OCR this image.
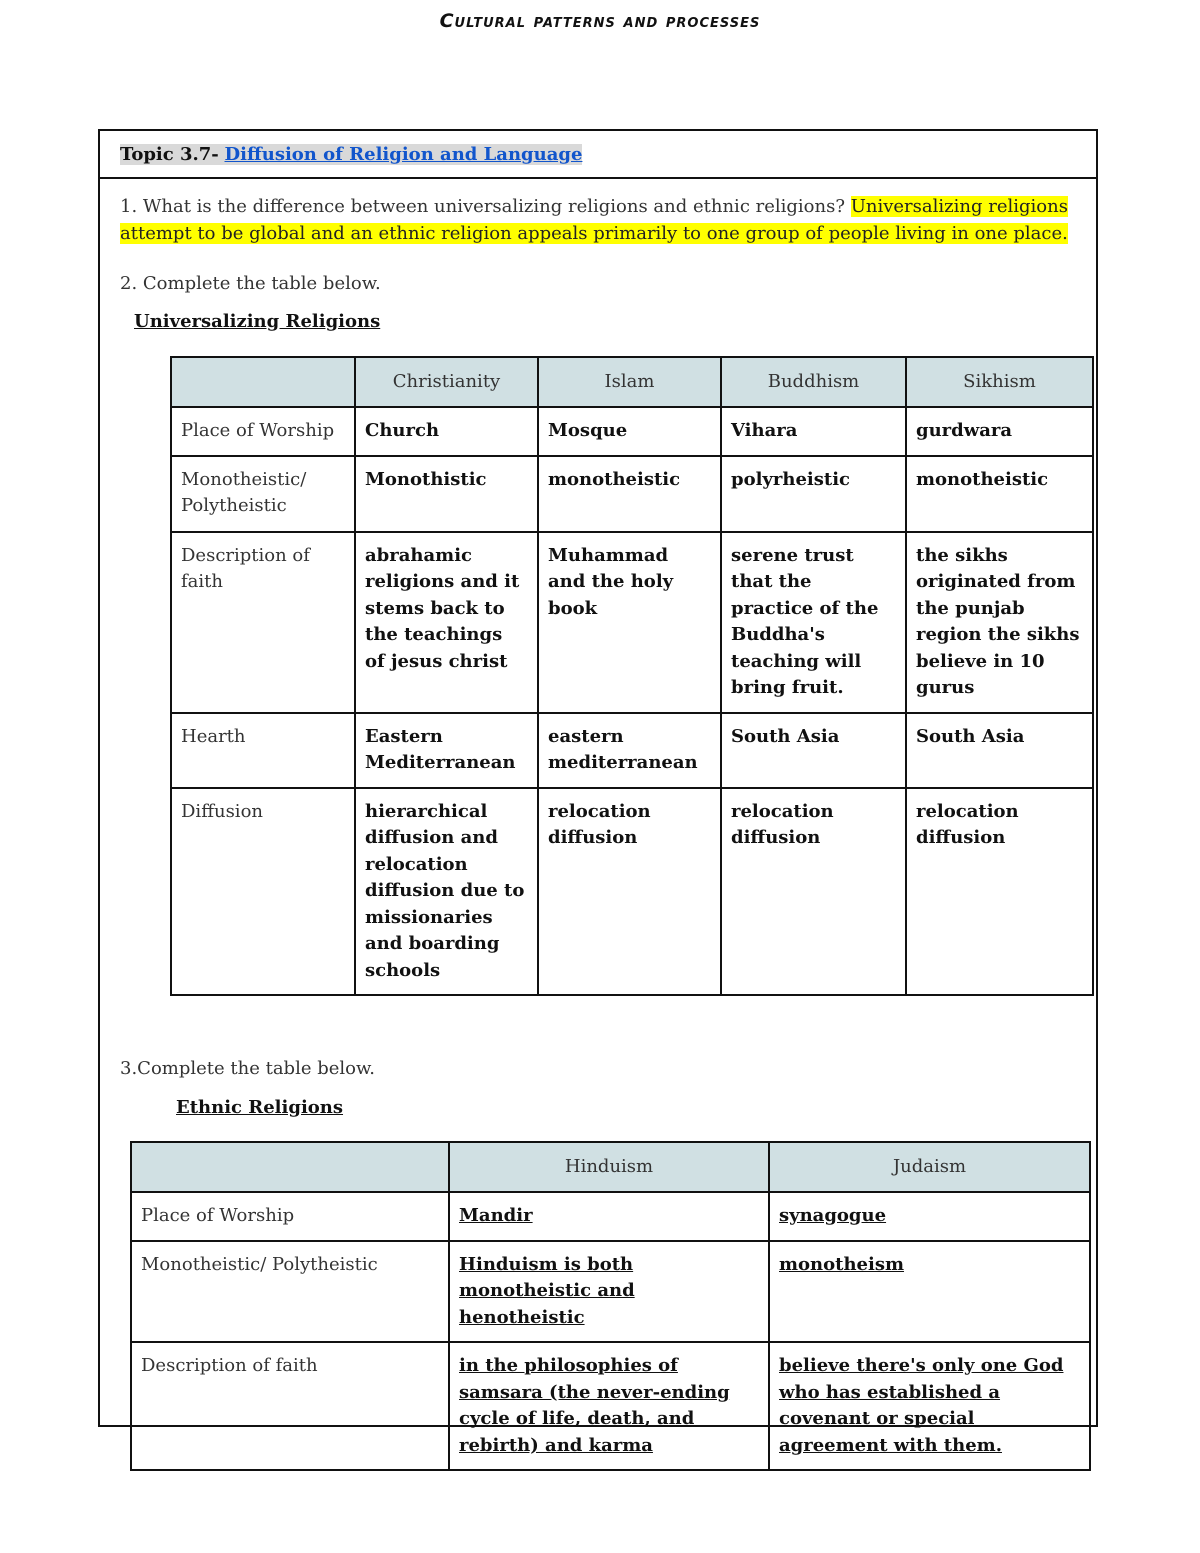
Cultural patterns and processes
Topic 3.7- Diffusion of Religion and Language
1. What is the difference between universalizing religions and ethnic religions? Universalizing religions attempt to be global and an ethnic religion appeals primarily to one group of people living in one place.
2. Complete the table below.
Universalizing Religions
	Christianity	Islam	Buddhism	Sikhism
Place of Worship	Church	Mosque	Vihara	gurdwara
Monotheistic/ Polytheistic	Monothistic	monotheistic	polyrheistic	monotheistic
Description of faith	abrahamic religions and it stems back to the teachings of jesus christ	Muhammad and the holy book	serene trust that the practice of the Buddha's teaching will bring fruit.	the sikhs originated from the punjab region the sikhs believe in 10 gurus
Hearth	Eastern Mediterranean	eastern mediterranean	South Asia	South Asia
Diffusion	hierarchical diffusion and relocation diffusion due to missionaries and boarding schools	relocation diffusion	relocation diffusion	relocation diffusion
3.Complete the table below.
Ethnic Religions
	Hinduism	Judaism
Place of Worship	Mandir	synagogue
Monotheistic/ Polytheistic	Hinduism is both monotheistic and henotheistic	monotheism
Description of faith	in the philosophies of samsara (the never-ending cycle of life, death, and rebirth) and karma	believe there's only one God who has established a covenant or special agreement with them.
